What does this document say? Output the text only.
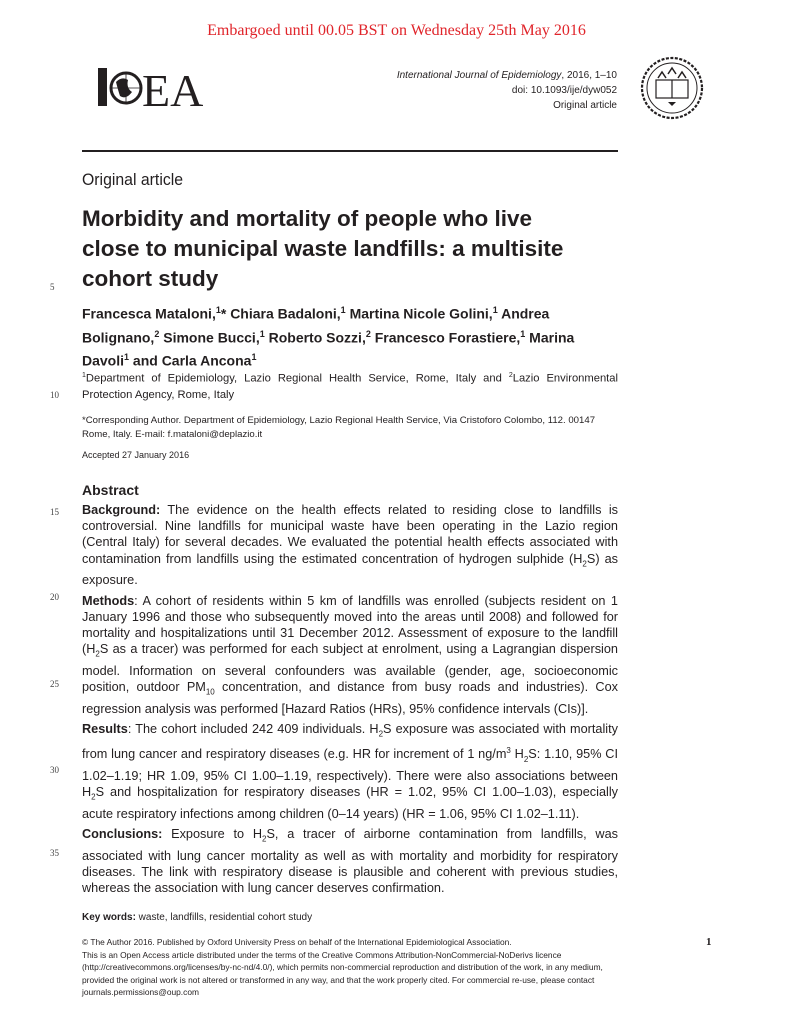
Embargoed until 00.05 BST on Wednesday 25th May 2016
EA	International Journal of Epidemiology, 2016, 1–10
doi: 10.1093/ije/dyw052
Original article
Original article
Morbidity and mortality of people who live
close to municipal waste landfills: a multisite
cohort study
Francesca Mataloni,$^1$* Chiara Badaloni,$^1$ Martina Nicole Golini,$^1$ Andrea Bolignano,$^2$ Simone Bucci,$^1$ Roberto Sozzi,$^2$ Francesco Forastiere,$^1$ Marina Davoli$^1$ and Carla Ancona$^1$
5
$^1$Department of Epidemiology, Lazio Regional Health Service, Rome, Italy and $^2$Lazio Environmental Protection Agency, Rome, Italy
10
*Corresponding Author. Department of Epidemiology, Lazio Regional Health Service, Via Cristoforo Colombo, 112. 00147 Rome, Italy. E-mail: f.mataloni@deplazio.it
Accepted 27 January 2016
Abstract
15
20
25
30
35

Background: The evidence on the health effects related to residing close to landfills is controversial. Nine landfills for municipal waste have been operating in the Lazio region (Central Italy) for several decades. We evaluated the potential health effects associated with contamination from landfills using the estimated concentration of hydrogen sulphide $(H_2S)$ as exposure.

Methods: A cohort of residents within 5 km of landfills was enrolled (subjects resident on 1 January 1996 and those who subsequently moved into the areas until 2008) and followed for mortality and hospitalizations until 31 December 2012. Assessment of exposure to the landfill ($H_2S$ as a tracer) was performed for each subject at enrolment, using a Lagrangian dispersion model. Information on several confounders was available (gender, age, socioeconomic position, outdoor $PM_{10}$ concentration, and distance from busy roads and industries). Cox regression analysis was performed [Hazard Ratios (HRs), 95% confidence intervals (CIs)].

Results: The cohort included 242 409 individuals. $H_2S$ exposure was associated with mortality from lung cancer and respiratory diseases (e.g. HR for increment of 1 $ng/m^3$ $H_2S$: 1.10, 95% CI 1.02–1.19; HR 1.09, 95% CI 1.00–1.19, respectively). There were also associations between $H_2S$ and hospitalization for respiratory diseases (HR = 1.02, 95% CI 1.00–1.03), especially acute respiratory infections among children (0–14 years) (HR = 1.06, 95% CI 1.02–1.11).

Conclusions: Exposure to $H_2S$, a tracer of airborne contamination from landfills, was associated with lung cancer mortality as well as with mortality and morbidity for respiratory diseases. The link with respiratory disease is plausible and coherent with previous studies, whereas the association with lung cancer deserves confirmation.

Key words: waste, landfills, residential cohort study
© The Author 2016. Published by Oxford University Press on behalf of the International Epidemiological Association.
This is an Open Access article distributed under the terms of the Creative Commons Attribution-NonCommercial-NoDerivs licence (http://creativecommons.org/licenses/by-nc-nd/4.0/), which permits non-commercial reproduction and distribution of the work, in any medium, provided the original work is not altered or transformed in any way, and that the work properly cited. For commercial re-use, please contact journals.permissions@oup.com
1
